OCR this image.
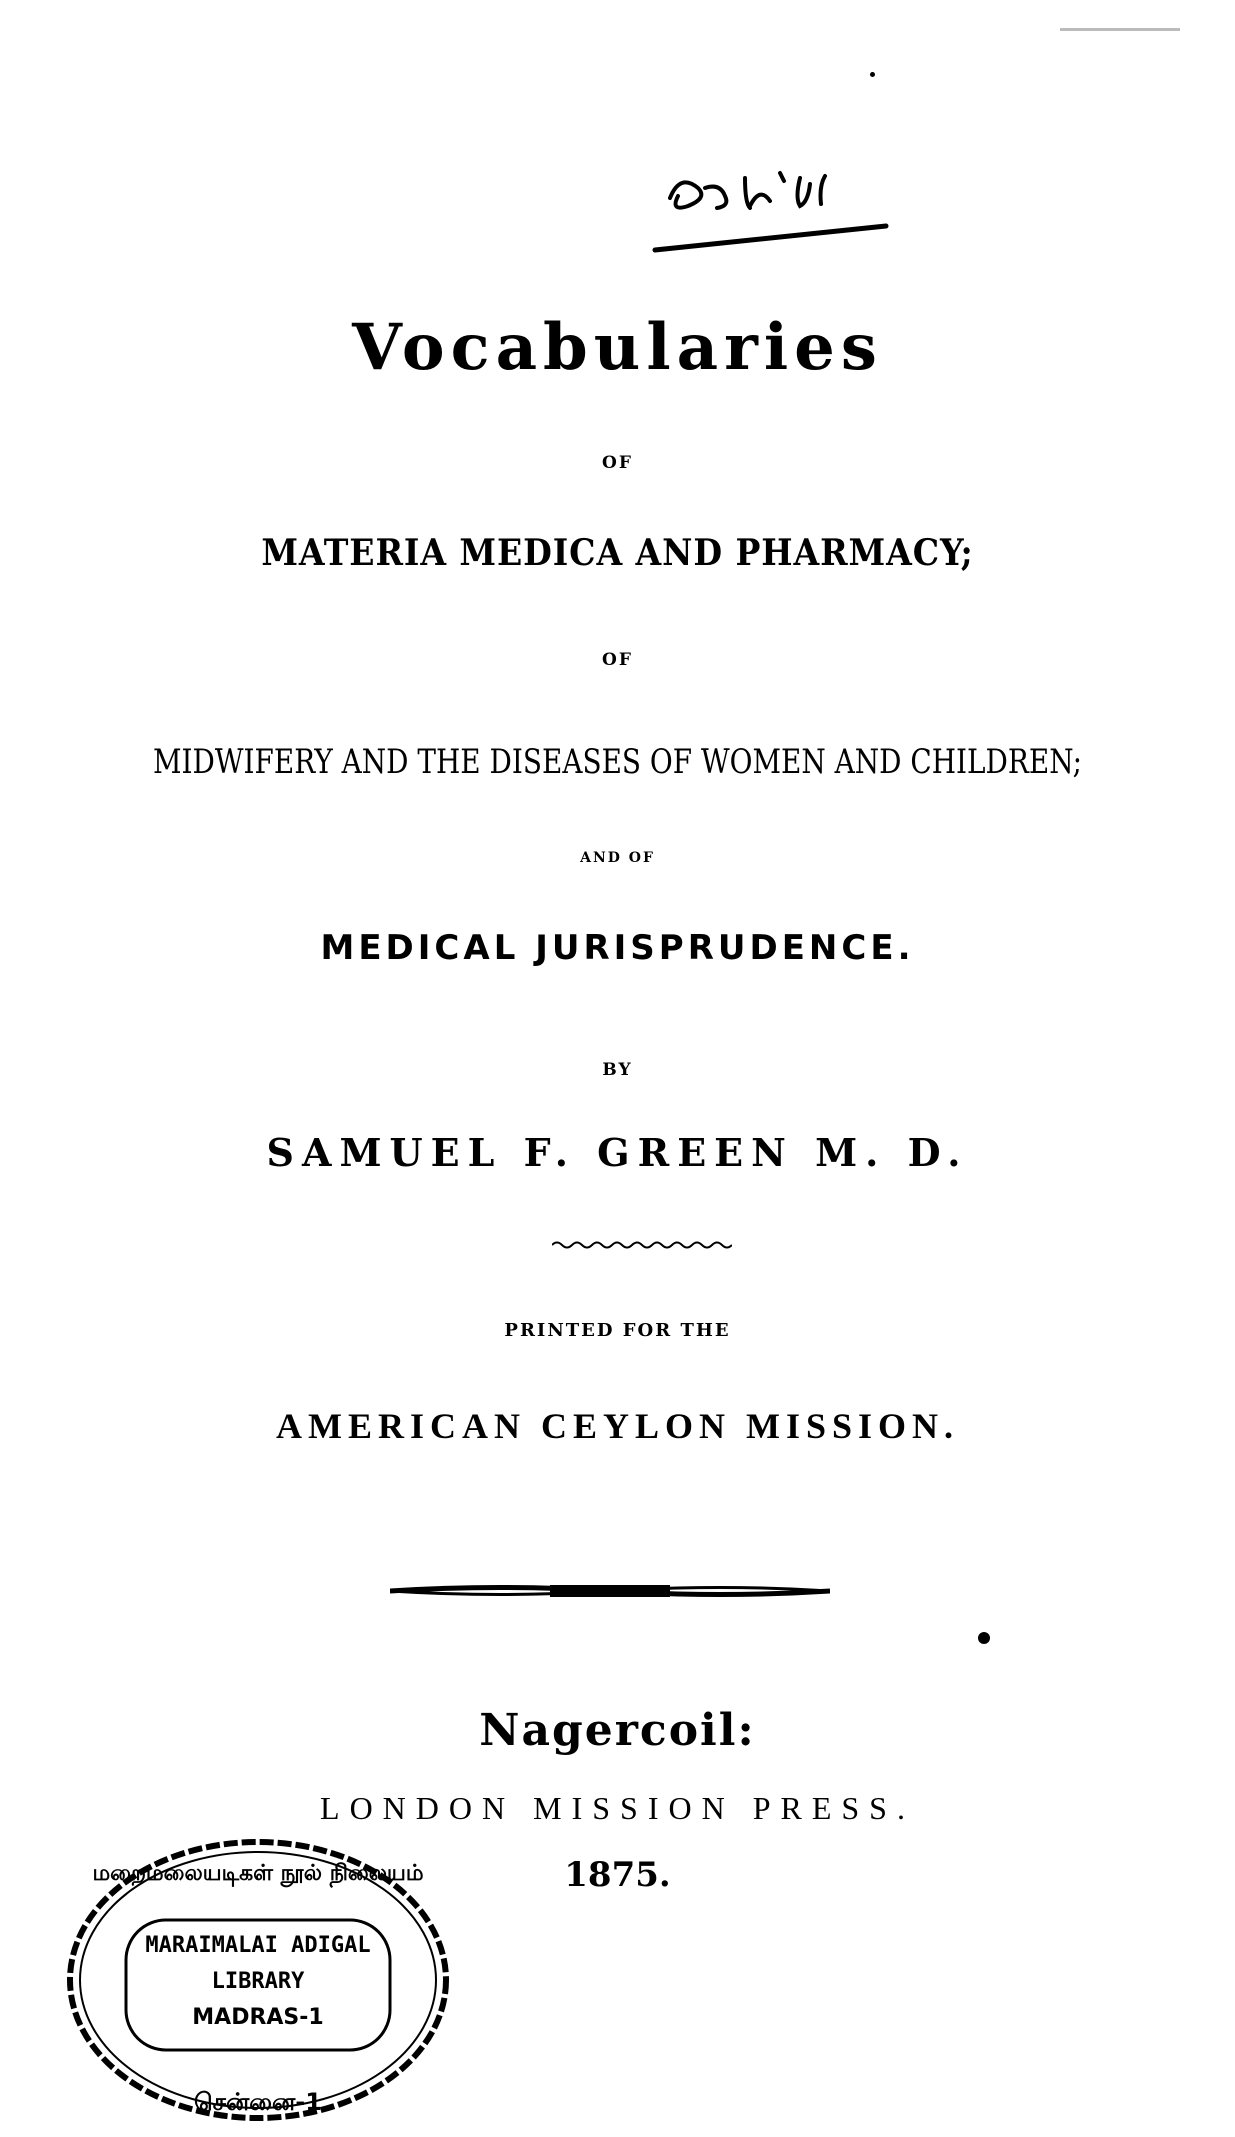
Vocabularies
OF
MATERIA MEDICA AND PHARMACY;
OF
MIDWIFERY AND THE DISEASES OF WOMEN AND CHILDREN;
AND OF
MEDICAL JURISPRUDENCE.
BY
SAMUEL F. GREEN M. D.
PRINTED FOR THE
AMERICAN CEYLON MISSION.
Nagercoil:
LONDON MISSION PRESS.
1875.
சென்னை-1
மறைமலையடிகள் நூல் நிலையம்
MARAIMALAI ADIGAL
LIBRARY
MADRAS-1
